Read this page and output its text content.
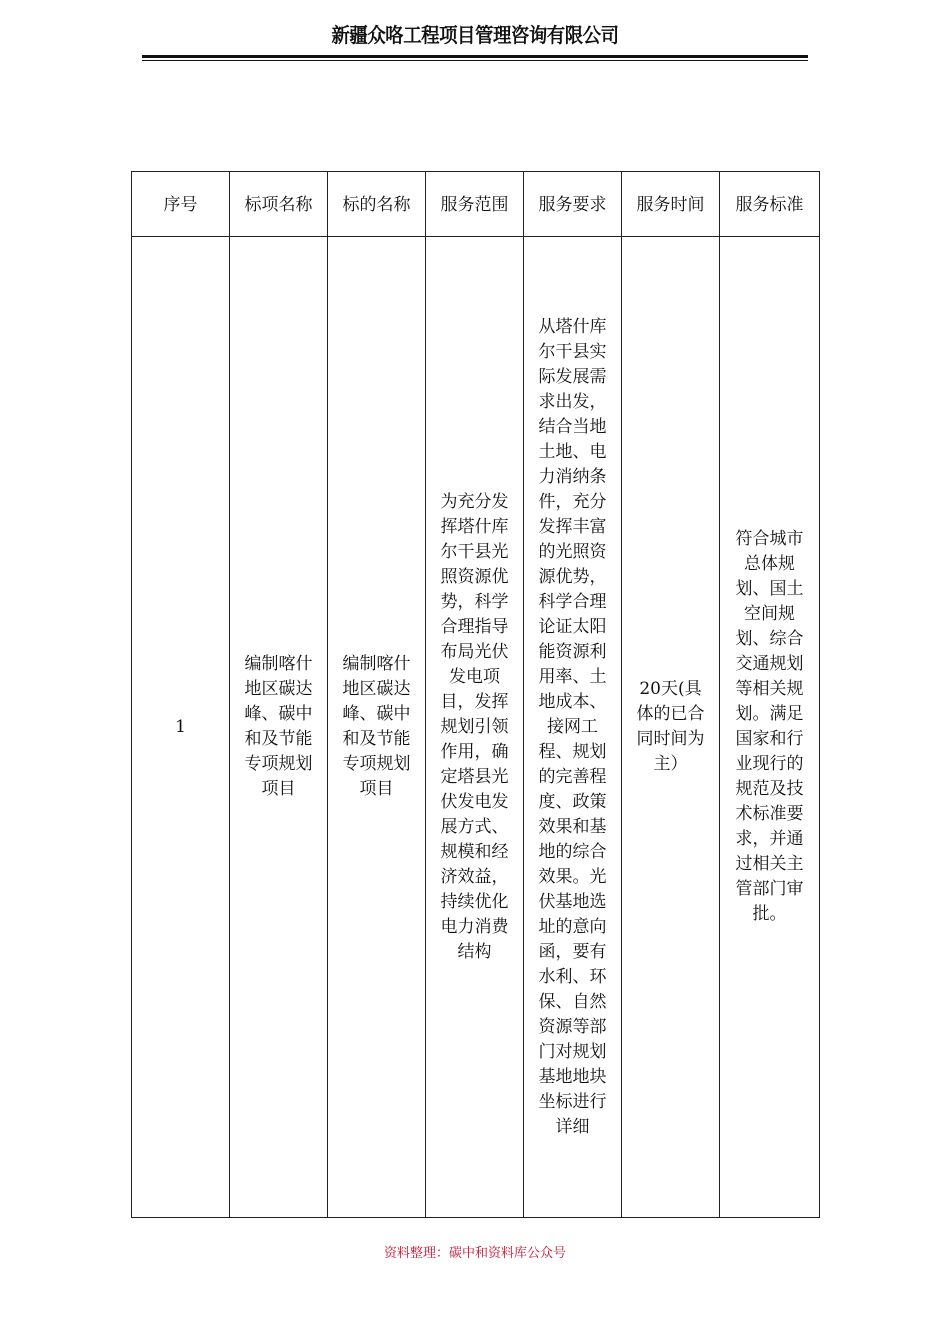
新疆众咯工程项目管理咨询有限公司
序号	标项名称	标的名称	服务范围	服务要求	服务时间	服务标准
1	编制喀什地区碳达峰、碳中和及节能专项规划项目	编制喀什地区碳达峰、碳中和及节能专项规划项目	为充分发挥塔什库尔干县光照资源优势，科学合理指导布局光伏发电项目，发挥规划引领作用，确定塔县光伏发电发展方式、规模和经济效益，持续优化电力消费结构	从塔什库尔干县实际发展需求出发，结合当地土地、电力消纳条件，充分发挥丰富的光照资源优势，科学合理论证太阳能资源利用率、土地成本、接网工程、规划的完善程度、政策效果和基地的综合效果。光伏基地选址的意向函，要有水利、环保、自然资源等部门对规划基地地块坐标进行详细	20天(具体的已合同时间为主）	符合城市总体规划、国土空间规划、综合交通规划等相关规划。满足国家和行业现行的规范及技术标准要求，并通过相关主管部门审批。
资料整理：碳中和资料库公众号
